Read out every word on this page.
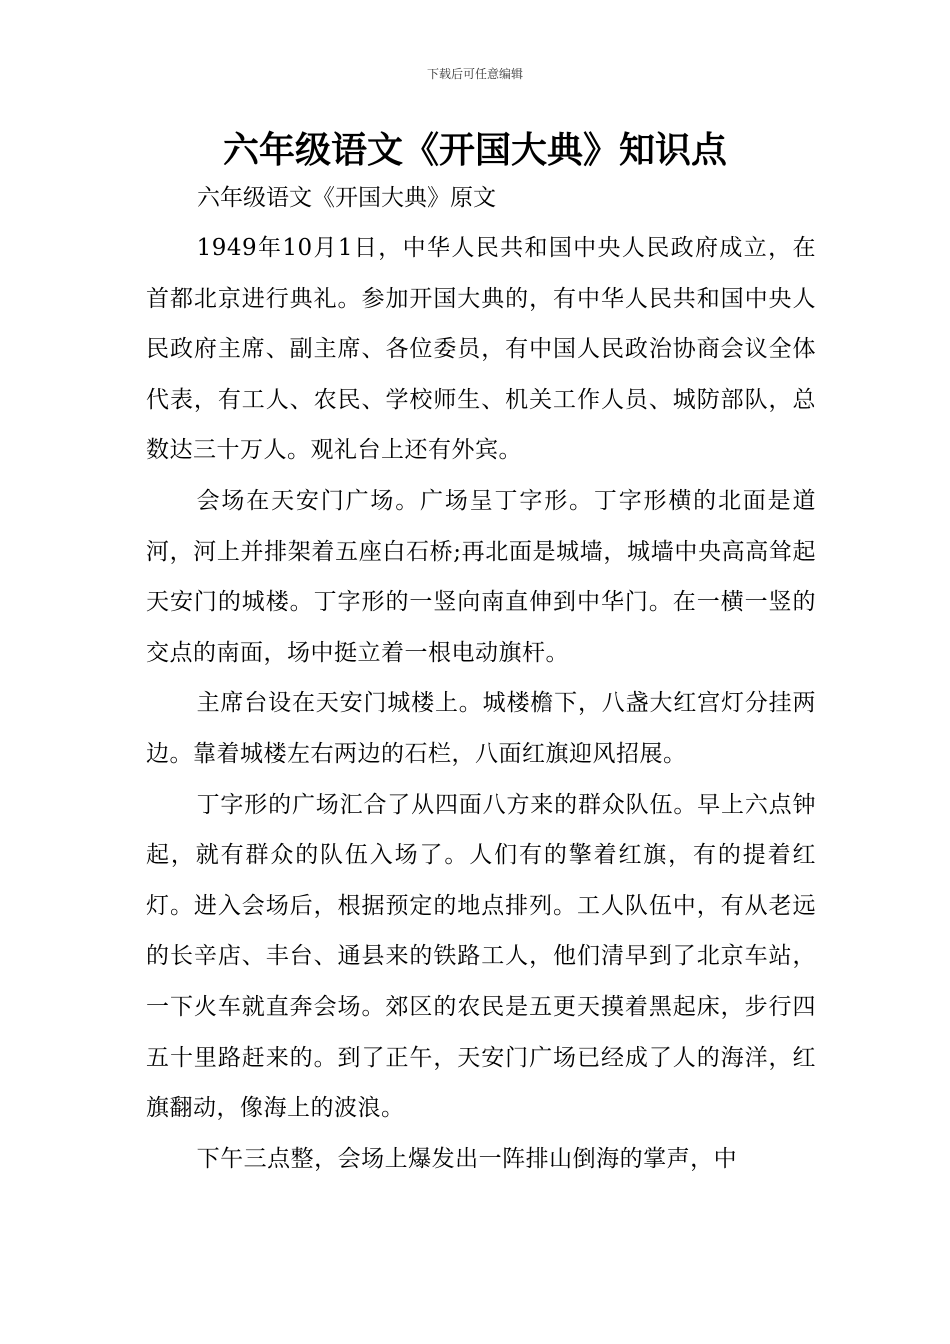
下载后可任意编辑
六年级语文《开国大典》知识点

六年级语文《开国大典》原文

1949年10月1日，中华人民共和国中央人民政府成立，在首都北京进行典礼。参加开国大典的，有中华人民共和国中央人民政府主席、副主席、各位委员，有中国人民政治协商会议全体代表，有工人、农民、学校师生、机关工作人员、城防部队，总数达三十万人。观礼台上还有外宾。

会场在天安门广场。广场呈丁字形。丁字形横的北面是道河，河上并排架着五座白石桥;再北面是城墙，城墙中央高高耸起天安门的城楼。丁字形的一竖向南直伸到中华门。在一横一竖的交点的南面，场中挺立着一根电动旗杆。

主席台设在天安门城楼上。城楼檐下，八盏大红宫灯分挂两边。靠着城楼左右两边的石栏，八面红旗迎风招展。

丁字形的广场汇合了从四面八方来的群众队伍。早上六点钟起，就有群众的队伍入场了。人们有的擎着红旗，有的提着红灯。进入会场后，根据预定的地点排列。工人队伍中，有从老远的长辛店、丰台、通县来的铁路工人，他们清早到了北京车站，一下火车就直奔会场。郊区的农民是五更天摸着黑起床，步行四五十里路赶来的。到了正午，天安门广场已经成了人的海洋，红旗翻动，像海上的波浪。

下午三点整，会场上爆发出一阵排山倒海的掌声，中
